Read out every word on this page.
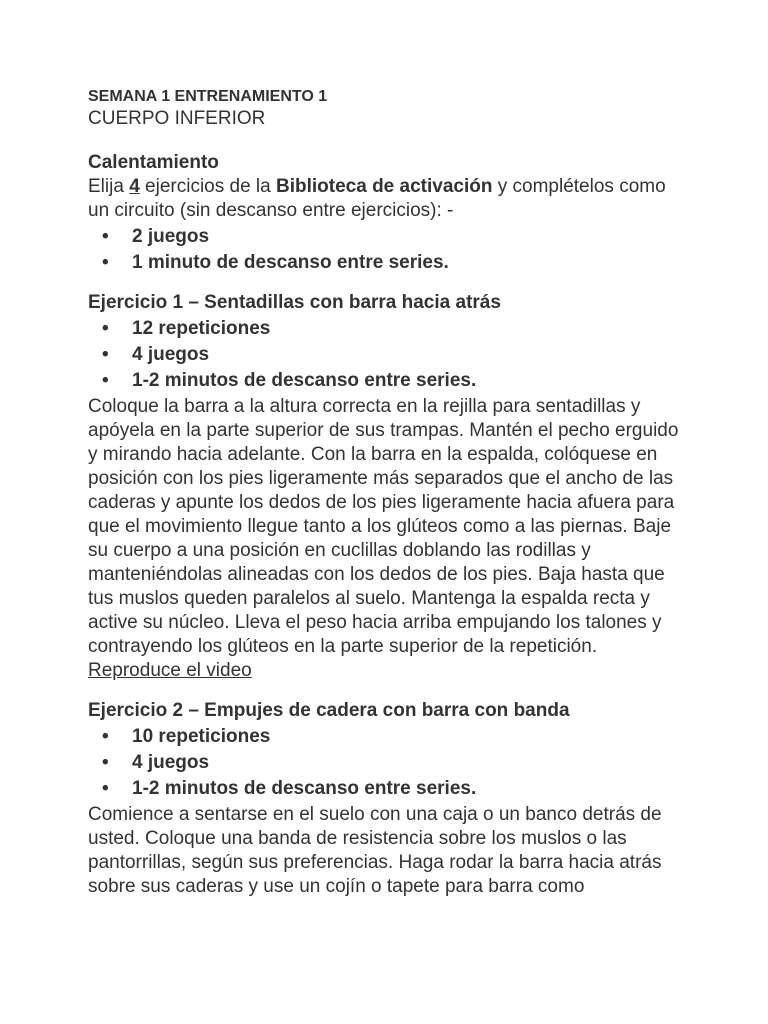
SEMANA 1 ENTRENAMIENTO 1
CUERPO INFERIOR
Calentamiento

Elija 4 ejercicios de la Biblioteca de activación y complételos como un circuito (sin descanso entre ejercicios): -

• 2 juegos
• 1 minuto de descanso entre series.
Ejercicio 1 – Sentadillas con barra hacia atrás
• 12 repeticiones
• 4 juegos
• 1-2 minutos de descanso entre series.

Coloque la barra a la altura correcta en la rejilla para sentadillas y apóyela en la parte superior de sus trampas. Mantén el pecho erguido y mirando hacia adelante. Con la barra en la espalda, colóquese en posición con los pies ligeramente más separados que el ancho de las caderas y apunte los dedos de los pies ligeramente hacia afuera para que el movimiento llegue tanto a los glúteos como a las piernas. Baje su cuerpo a una posición en cuclillas doblando las rodillas y manteniéndolas alineadas con los dedos de los pies. Baja hasta que tus muslos queden paralelos al suelo. Mantenga la espalda recta y active su núcleo. Lleva el peso hacia arriba empujando los talones y contrayendo los glúteos en la parte superior de la repetición.

Reproduce el video
Ejercicio 2 – Empujes de cadera con barra con banda
• 10 repeticiones
• 4 juegos
• 1-2 minutos de descanso entre series.

Comience a sentarse en el suelo con una caja o un banco detrás de usted. Coloque una banda de resistencia sobre los muslos o las pantorrillas, según sus preferencias. Haga rodar la barra hacia atrás sobre sus caderas y use un cojín o tapete para barra como
